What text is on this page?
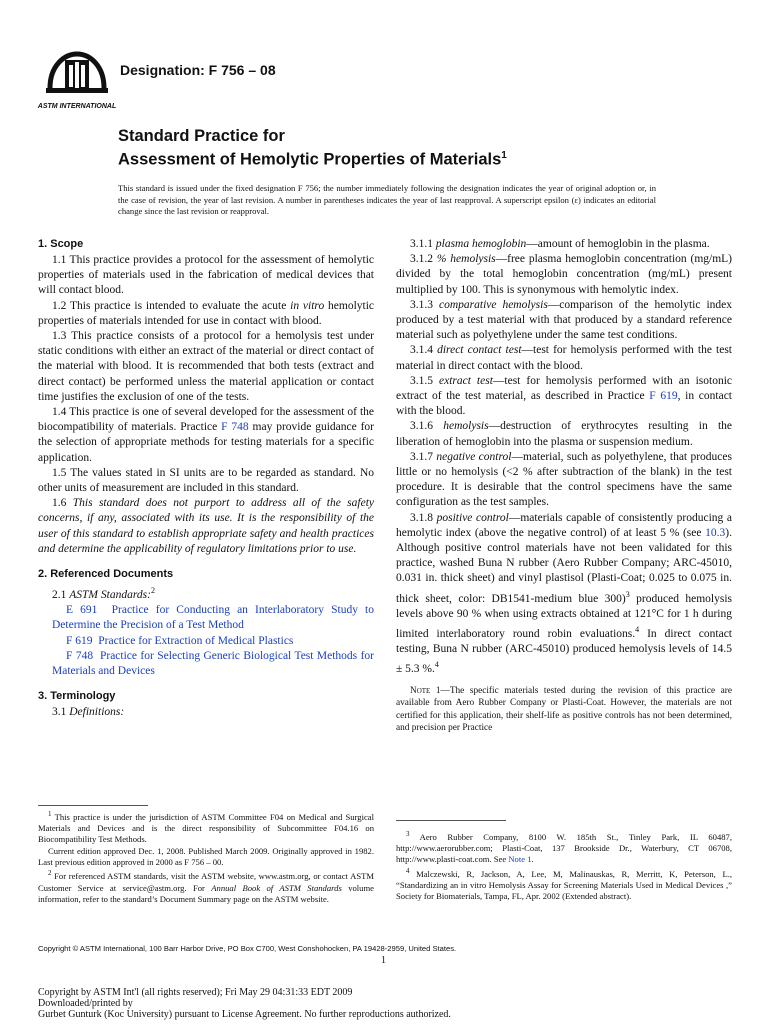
ASTM INTERNATIONAL
Designation: F 756 – 08
Standard Practice for
Assessment of Hemolytic Properties of Materials$^1$
This standard is issued under the fixed designation F 756; the number immediately following the designation indicates the year of original adoption or, in the case of revision, the year of last revision. A number in parentheses indicates the year of last reapproval. A superscript epsilon (ε) indicates an editorial change since the last revision or reapproval.
1. Scope

1.1 This practice provides a protocol for the assessment of hemolytic properties of materials used in the fabrication of medical devices that will contact blood.

1.2 This practice is intended to evaluate the acute in vitro hemolytic properties of materials intended for use in contact with blood.

1.3 This practice consists of a protocol for a hemolysis test under static conditions with either an extract of the material or direct contact of the material with blood. It is recommended that both tests (extract and direct contact) be performed unless the material application or contact time justifies the exclusion of one of the tests.

1.4 This practice is one of several developed for the assessment of the biocompatibility of materials. Practice F 748 may provide guidance for the selection of appropriate methods for testing materials for a specific application.

1.5 The values stated in SI units are to be regarded as standard. No other units of measurement are included in this standard.

1.6 This standard does not purport to address all of the safety concerns, if any, associated with its use. It is the responsibility of the user of this standard to establish appropriate safety and health practices and determine the applicability of regulatory limitations prior to use.

2. Referenced Documents

2.1 ASTM Standards:$^2$

E 691 Practice for Conducting an Interlaboratory Study to Determine the Precision of a Test Method

F 619 Practice for Extraction of Medical Plastics

F 748 Practice for Selecting Generic Biological Test Methods for Materials and Devices

3. Terminology

3.1 Definitions:

3.1.1 plasma hemoglobin—amount of hemoglobin in the plasma.

3.1.2 % hemolysis—free plasma hemoglobin concentration (mg/mL) divided by the total hemoglobin concentration (mg/mL) present multiplied by 100. This is synonymous with hemolytic index.

3.1.3 comparative hemolysis—comparison of the hemolytic index produced by a test material with that produced by a standard reference material such as polyethylene under the same test conditions.

3.1.4 direct contact test—test for hemolysis performed with the test material in direct contact with the blood.

3.1.5 extract test—test for hemolysis performed with an isotonic extract of the test material, as described in Practice F 619, in contact with the blood.

3.1.6 hemolysis—destruction of erythrocytes resulting in the liberation of hemoglobin into the plasma or suspension medium.

3.1.7 negative control—material, such as polyethylene, that produces little or no hemolysis (<2 % after subtraction of the blank) in the test procedure. It is desirable that the control specimens have the same configuration as the test samples.

3.1.8 positive control—materials capable of consistently producing a hemolytic index (above the negative control) of at least 5 % (see 10.3). Although positive control materials have not been validated for this practice, washed Buna N rubber (Aero Rubber Company; ARC-45010, 0.031 in. thick sheet) and vinyl plastisol (Plasti-Coat; 0.025 to 0.075 in. thick sheet, color: DB1541-medium blue 300)$^3$ produced hemolysis levels above 90 % when using extracts obtained at 121°C for 1 h during limited interlaboratory round robin evaluations.$^4$ In direct contact testing, Buna N rubber (ARC-45010) produced hemolysis levels of 14.5 ± 5.3 %.$^4$

Note 1—The specific materials tested during the revision of this practice are available from Aero Rubber Company or Plasti-Coat. However, the materials are not certified for this application, their shelf-life as positive controls has not been determined, and precision per Practice

$^1$ This practice is under the jurisdiction of ASTM Committee F04 on Medical and Surgical Materials and Devices and is the direct responsibility of Subcommittee F04.16 on Biocompatibility Test Methods.

Current edition approved Dec. 1, 2008. Published March 2009. Originally approved in 1982. Last previous edition approved in 2000 as F 756 – 00.

$^2$ For referenced ASTM standards, visit the ASTM website, www.astm.org, or contact ASTM Customer Service at service@astm.org. For Annual Book of ASTM Standards volume information, refer to the standard’s Document Summary page on the ASTM website.

$^3$ Aero Rubber Company, 8100 W. 185th St., Tinley Park, IL 60487, http://www.aerorubber.com; Plasti-Coat, 137 Brookside Dr., Waterbury, CT 06708, http://www.plasti-coat.com. See Note 1.

$^4$ Malczewski, R, Jackson, A, Lee, M, Malinauskas, R, Merritt, K, Peterson, L., “Standardizing an in vitro Hemolysis Assay for Screening Materials Used in Medical Devices ,” Society for Biomaterials, Tampa, FL, Apr. 2002 (Extended abstract).

Copyright © ASTM International, 100 Barr Harbor Drive, PO Box C700, West Conshohocken, PA 19428-2959, United States.
1
Copyright by ASTM Int'l (all rights reserved); Fri May 29 04:31:33 EDT 2009
Downloaded/printed by
Gurbet Gunturk (Koc University) pursuant to License Agreement. No further reproductions authorized.
